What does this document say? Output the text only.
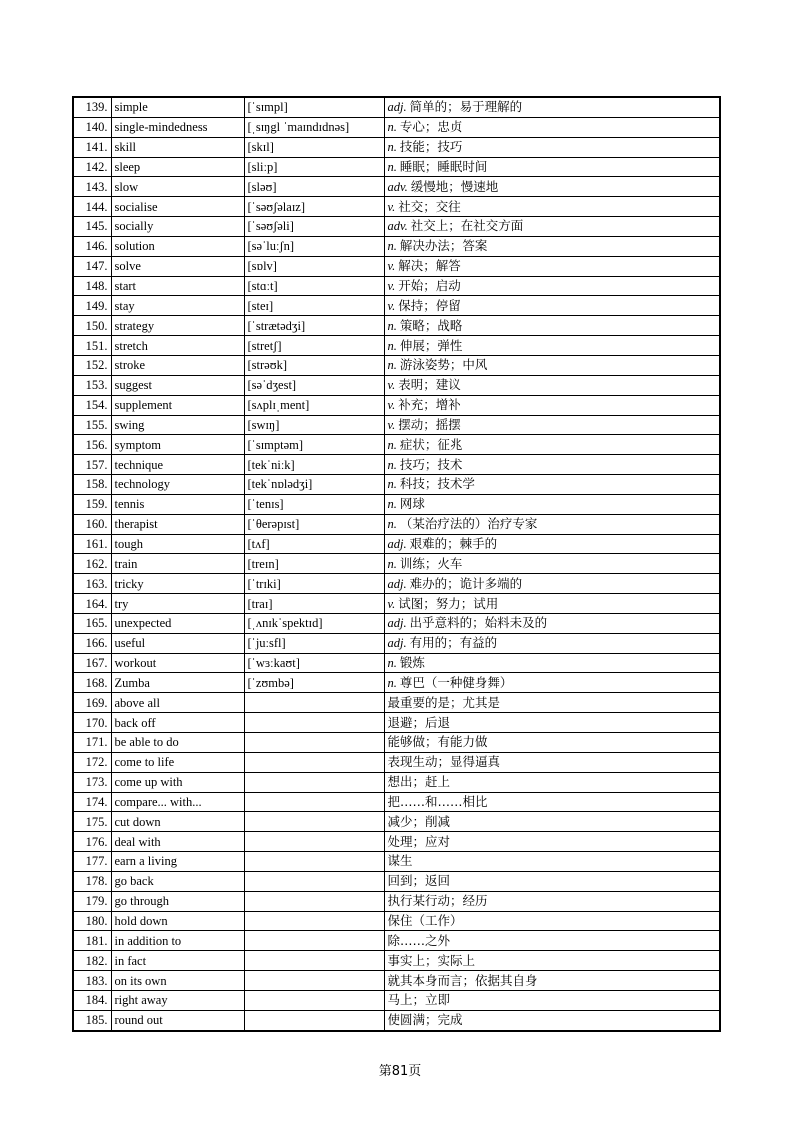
139.	simple	[ˈsɪmpl]	adj. 简单的；易于理解的
140.	single-mindedness	[ˌsɪŋgl ˈmaɪndɪdnəs]	n. 专心；忠贞
141.	skill	[skɪl]	n. 技能；技巧
142.	sleep	[sliːp]	n. 睡眠；睡眠时间
143.	slow	[sləʊ]	adv. 缓慢地；慢速地
144.	socialise	[ˈsəʊʃəlaɪz]	v. 社交；交往
145.	socially	[ˈsəʊʃəli]	adv. 社交上；在社交方面
146.	solution	[səˈluːʃn]	n. 解决办法；答案
147.	solve	[sɒlv]	v. 解决；解答
148.	start	[stɑːt]	v. 开始；启动
149.	stay	[steɪ]	v. 保持；停留
150.	strategy	[ˈstrætədʒi]	n. 策略；战略
151.	stretch	[stretʃ]	n. 伸展；弹性
152.	stroke	[strəʊk]	n. 游泳姿势；中风
153.	suggest	[səˈdʒest]	v. 表明；建议
154.	supplement	[sʌplɪˌment]	v. 补充；增补
155.	swing	[swɪŋ]	v. 摆动；摇摆
156.	symptom	[ˈsɪmptəm]	n. 症状；征兆
157.	technique	[tekˈniːk]	n. 技巧；技术
158.	technology	[tekˈnɒlədʒi]	n. 科技；技术学
159.	tennis	[ˈtenɪs]	n. 网球
160.	therapist	[ˈθerəpɪst]	n. （某治疗法的）治疗专家
161.	tough	[tʌf]	adj. 艰难的；棘手的
162.	train	[treɪn]	n. 训练；火车
163.	tricky	[ˈtrɪki]	adj. 难办的；诡计多端的
164.	try	[traɪ]	v. 试图；努力；试用
165.	unexpected	[ˌʌnɪkˈspektɪd]	adj. 出乎意料的；始料未及的
166.	useful	[ˈjuːsfl]	adj. 有用的；有益的
167.	workout	[ˈwɜːkaʊt]	n. 锻炼
168.	Zumba	[ˈzʊmbə]	n. 尊巴（一种健身舞）
169.	above all		最重要的是；尤其是
170.	back off		退避；后退
171.	be able to do		能够做；有能力做
172.	come to life		表现生动；显得逼真
173.	come up with		想出；赶上
174.	compare... with...		把……和……相比
175.	cut down		减少；削减
176.	deal with		处理；应对
177.	earn a living		谋生
178.	go back		回到；返回
179.	go through		执行某行动；经历
180.	hold down		保住（工作）
181.	in addition to		除……之外
182.	in fact		事实上；实际上
183.	on its own		就其本身而言；依据其自身
184.	right away		马上；立即
185.	round out		使圆满；完成
第81页
